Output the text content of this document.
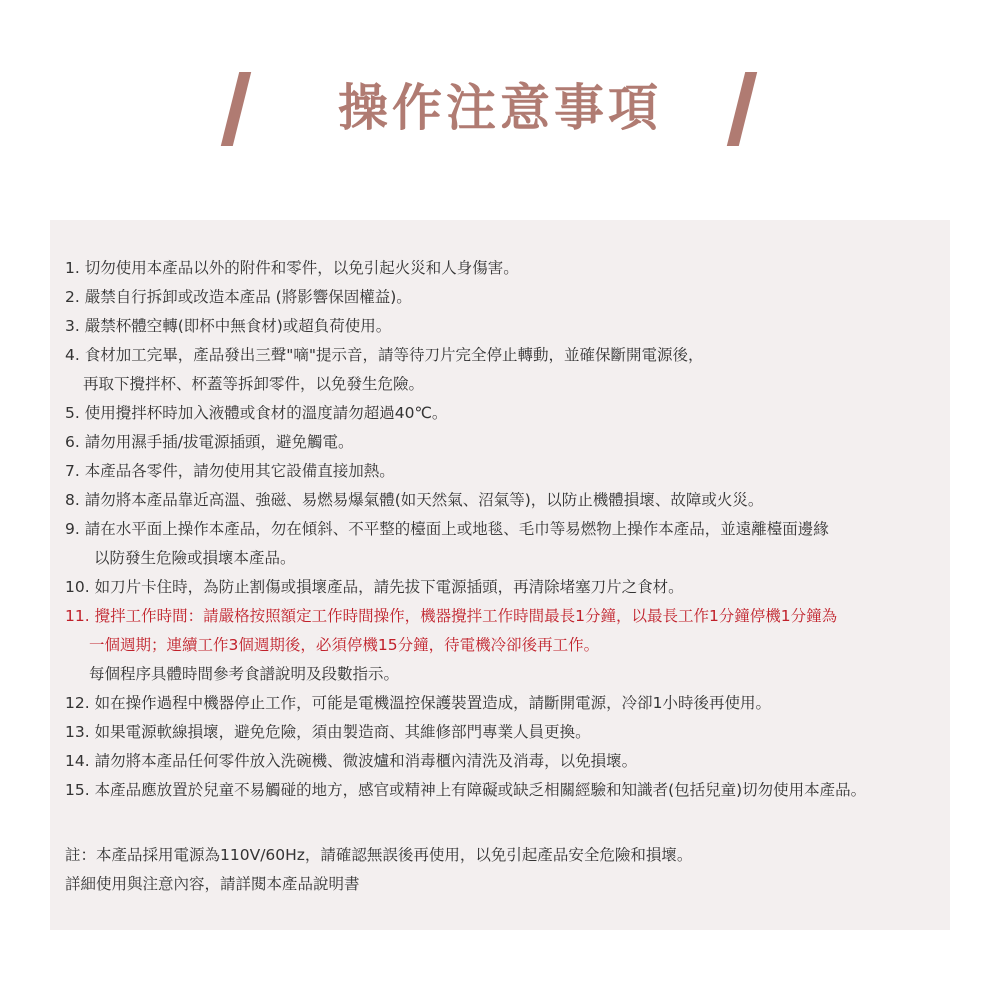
操作注意事項
1. 切勿使用本產品以外的附件和零件，以免引起火災和人身傷害。
2. 嚴禁自行拆卸或改造本產品 (將影響保固權益)。
3. 嚴禁杯體空轉(即杯中無食材)或超負荷使用。
4. 食材加工完畢，產品發出三聲"嘀"提示音，請等待刀片完全停止轉動，並確保斷開電源後，
再取下攪拌杯、杯蓋等拆卸零件，以免發生危險。
5. 使用攪拌杯時加入液體或食材的溫度請勿超過40℃。
6. 請勿用濕手插/拔電源插頭，避免觸電。
7. 本產品各零件，請勿使用其它設備直接加熱。
8. 請勿將本產品靠近高溫、強磁、易燃易爆氣體(如天然氣、沼氣等)，以防止機體損壞、故障或火災。
9. 請在水平面上操作本產品，勿在傾斜、不平整的檯面上或地毯、毛巾等易燃物上操作本產品，並遠離檯面邊緣
以防發生危險或損壞本產品。
10. 如刀片卡住時，為防止割傷或損壞產品，請先拔下電源插頭，再清除堵塞刀片之食材。
11. 攪拌工作時間：請嚴格按照額定工作時間操作，機器攪拌工作時間最長1分鐘，以最長工作1分鐘停機1分鐘為
一個週期；連續工作3個週期後，必須停機15分鐘，待電機冷卻後再工作。
每個程序具體時間參考食譜說明及段數指示。
12. 如在操作過程中機器停止工作，可能是電機溫控保護裝置造成，請斷開電源，冷卻1小時後再使用。
13. 如果電源軟線損壞，避免危險，須由製造商、其維修部門專業人員更換。
14. 請勿將本產品任何零件放入洗碗機、微波爐和消毒櫃內清洗及消毒，以免損壞。
15. 本產品應放置於兒童不易觸碰的地方，感官或精神上有障礙或缺乏相關經驗和知識者(包括兒童)切勿使用本產品。
註：本產品採用電源為110V/60Hz，請確認無誤後再使用，以免引起產品安全危險和損壞。
詳細使用與注意內容，請詳閱本產品說明書
